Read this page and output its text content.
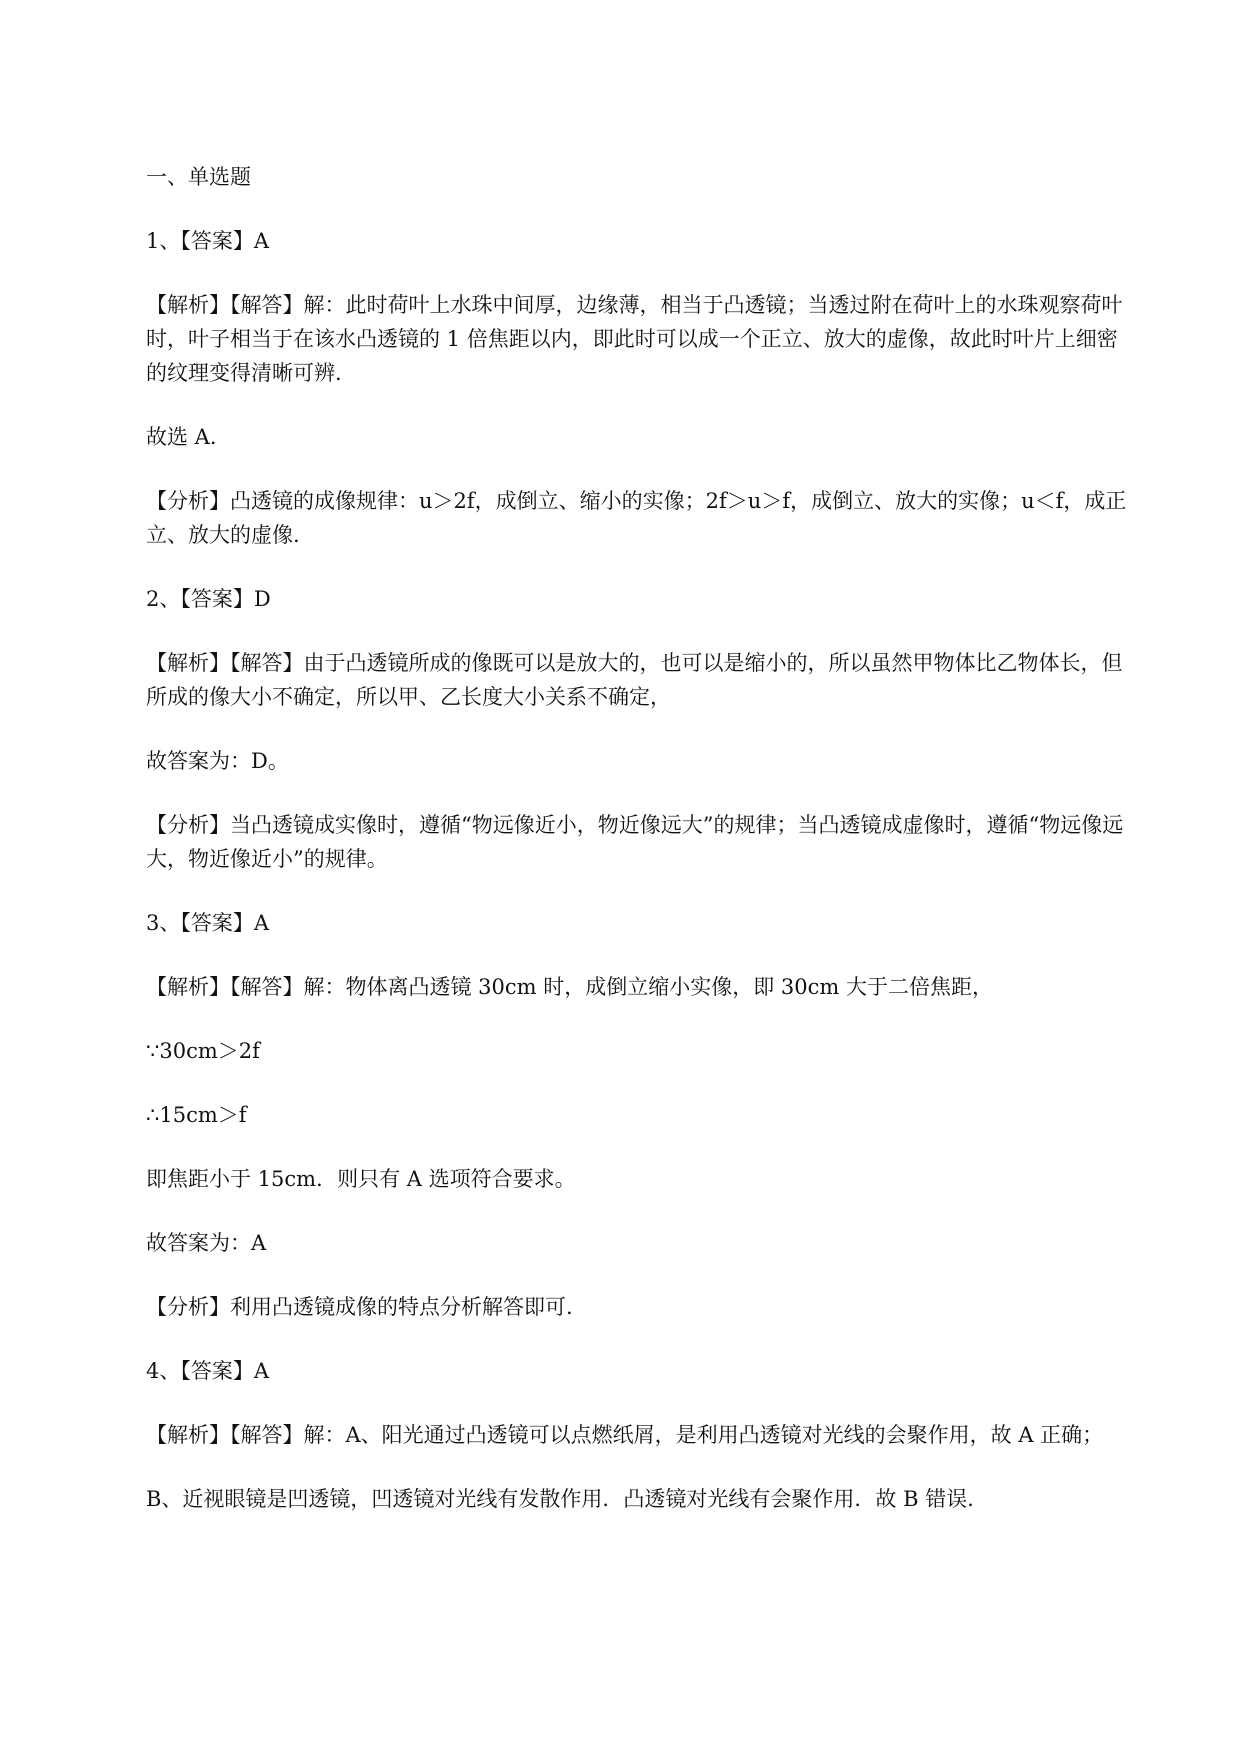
一、单选题

1、【答案】A

【解析】【解答】解：此时荷叶上水珠中间厚，边缘薄，相当于凸透镜；当透过附在荷叶上的水珠观察荷叶时，叶子相当于在该水凸透镜的 1 倍焦距以内，即此时可以成一个正立、放大的虚像，故此时叶片上细密的纹理变得清晰可辨.

故选 A.

【分析】凸透镜的成像规律：u＞2f，成倒立、缩小的实像；2f＞u＞f，成倒立、放大的实像；u＜f，成正立、放大的虚像.

2、【答案】D

【解析】【解答】由于凸透镜所成的像既可以是放大的，也可以是缩小的，所以虽然甲物体比乙物体长，但所成的像大小不确定，所以甲、乙长度大小关系不确定，

故答案为：D。

【分析】当凸透镜成实像时，遵循“物远像近小，物近像远大”的规律；当凸透镜成虚像时，遵循“物远像远大，物近像近小”的规律。

3、【答案】A

【解析】【解答】解：物体离凸透镜 30cm 时，成倒立缩小实像，即 30cm 大于二倍焦距，

∵30cm＞2f

∴15cm＞f

即焦距小于 15cm．则只有 A 选项符合要求。

故答案为：A

【分析】利用凸透镜成像的特点分析解答即可.

4、【答案】A

【解析】【解答】解：A、阳光通过凸透镜可以点燃纸屑，是利用凸透镜对光线的会聚作用，故 A 正确；

B、近视眼镜是凹透镜，凹透镜对光线有发散作用．凸透镜对光线有会聚作用．故 B 错误．
